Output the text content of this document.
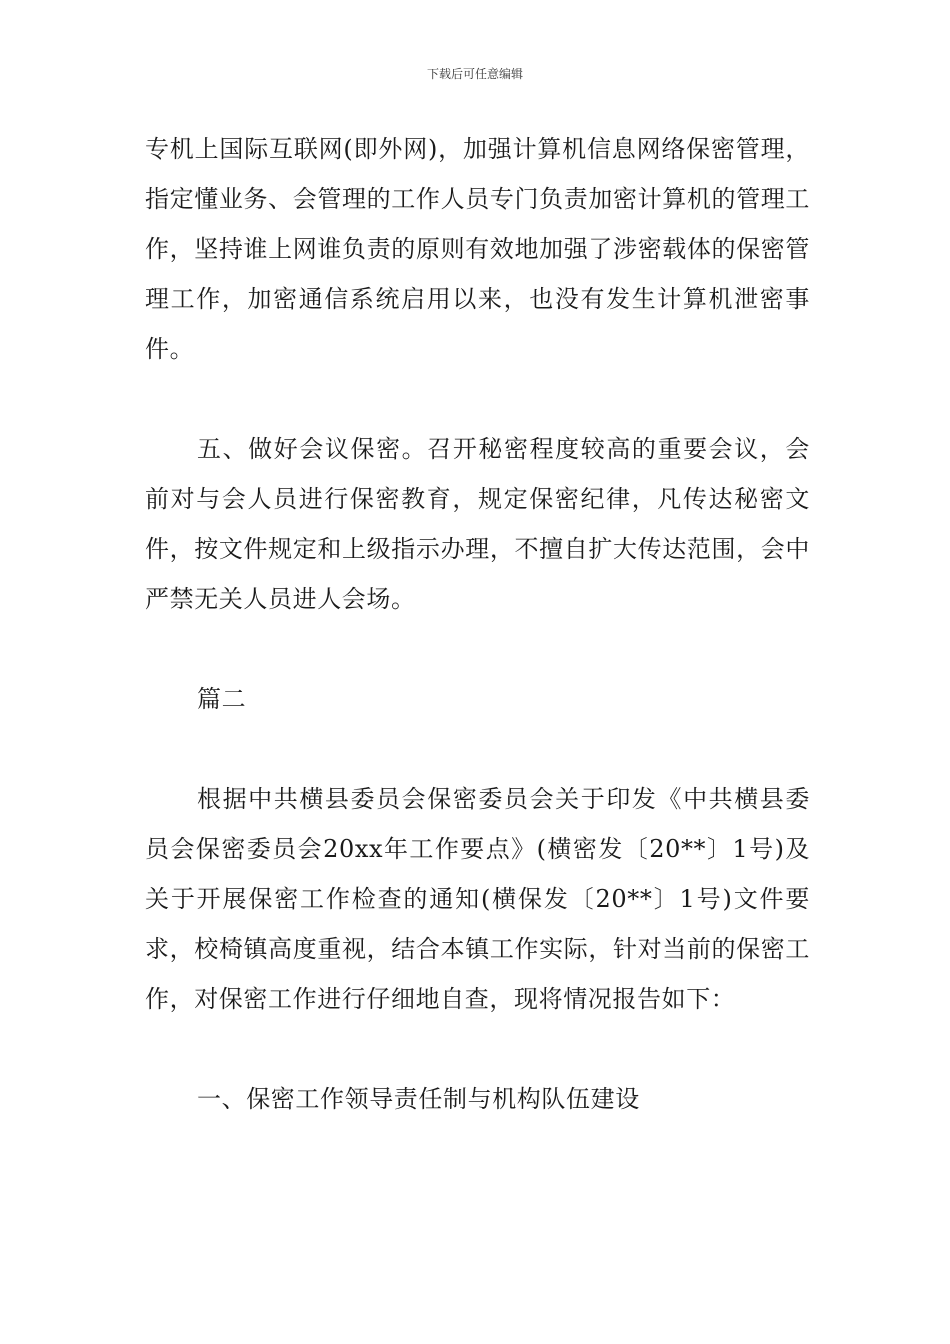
下载后可任意编辑

专机上国际互联网(即外网)，加强计算机信息网络保密管理，指定懂业务、会管理的工作人员专门负责加密计算机的管理工作，坚持谁上网谁负责的原则有效地加强了涉密载体的保密管理工作，加密通信系统启用以来，也没有发生计算机泄密事件。

五、做好会议保密。召开秘密程度较高的重要会议，会前对与会人员进行保密教育，规定保密纪律，凡传达秘密文件，按文件规定和上级指示办理，不擅自扩大传达范围，会中严禁无关人员进人会场。

篇二

根据中共横县委员会保密委员会关于印发《中共横县委员会保密委员会20xx年工作要点》(横密发〔20**〕1号)及关于开展保密工作检查的通知(横保发〔20**〕1号)文件要求，校椅镇高度重视，结合本镇工作实际，针对当前的保密工作，对保密工作进行仔细地自查，现将情况报告如下：

一、保密工作领导责任制与机构队伍建设
